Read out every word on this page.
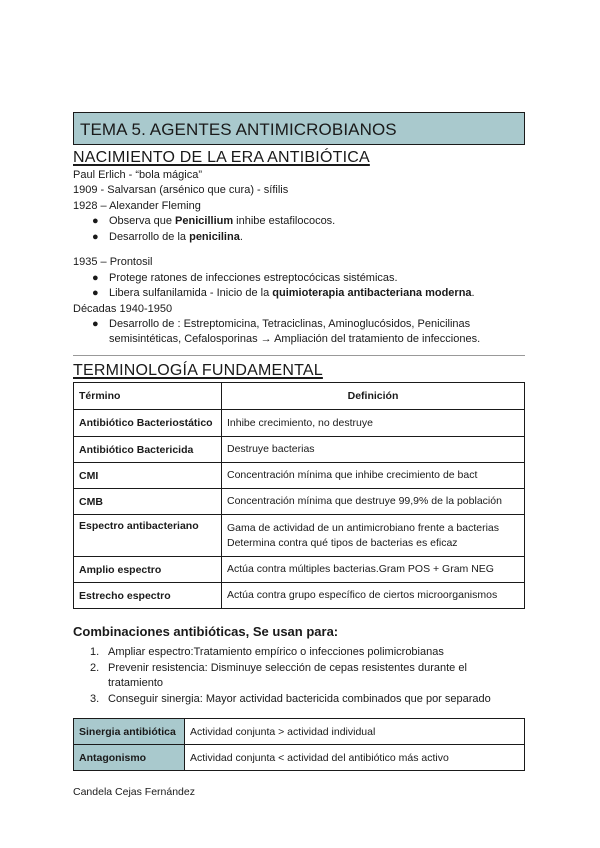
TEMA 5. AGENTES ANTIMICROBIANOS
NACIMIENTO DE LA ERA ANTIBIÓTICA
Paul Erlich - “bola mágica”
1909 - Salvarsan (arsénico que cura) - sífilis
1928 – Alexander Fleming
● Observa que Penicillium inhibe estafilococos.
● Desarrollo de la penicilina.
1935 – Prontosil
● Protege ratones de infecciones estreptocócicas sistémicas.
● Libera sulfanilamida - Inicio de la quimioterapia antibacteriana moderna.
Décadas 1940-1950
● Desarrollo de : Estreptomicina, Tetraciclinas, Aminoglucósidos, Penicilinas
semisintéticas, Cefalosporinas → Ampliación del tratamiento de infecciones.
TERMINOLOGÍA FUNDAMENTAL
Término	Definición
Antibiótico Bacteriostático	Inhibe crecimiento, no destruye
Antibiótico Bactericida	Destruye bacterias
CMI	Concentración mínima que inhibe crecimiento de bact
CMB	Concentración mínima que destruye 99,9% de la población
Espectro antibacteriano	Gama de actividad de un antimicrobiano frente a bacterias
Determina contra qué tipos de bacterias es eficaz

Amplio espectro	Actúa contra múltiples bacterias.Gram POS + Gram NEG
Estrecho espectro	Actúa contra grupo específico de ciertos microorganismos
Combinaciones antibióticas, Se usan para:
1. Ampliar espectro:Tratamiento empírico o infecciones polimicrobianas
2. Prevenir resistencia: Disminuye selección de cepas resistentes durante el
tratamiento
3. Conseguir sinergia: Mayor actividad bactericida combinados que por separado
Sinergia antibiótica	Actividad conjunta > actividad individual
Antagonismo	Actividad conjunta < actividad del antibiótico más activo
Candela Cejas Fernández
